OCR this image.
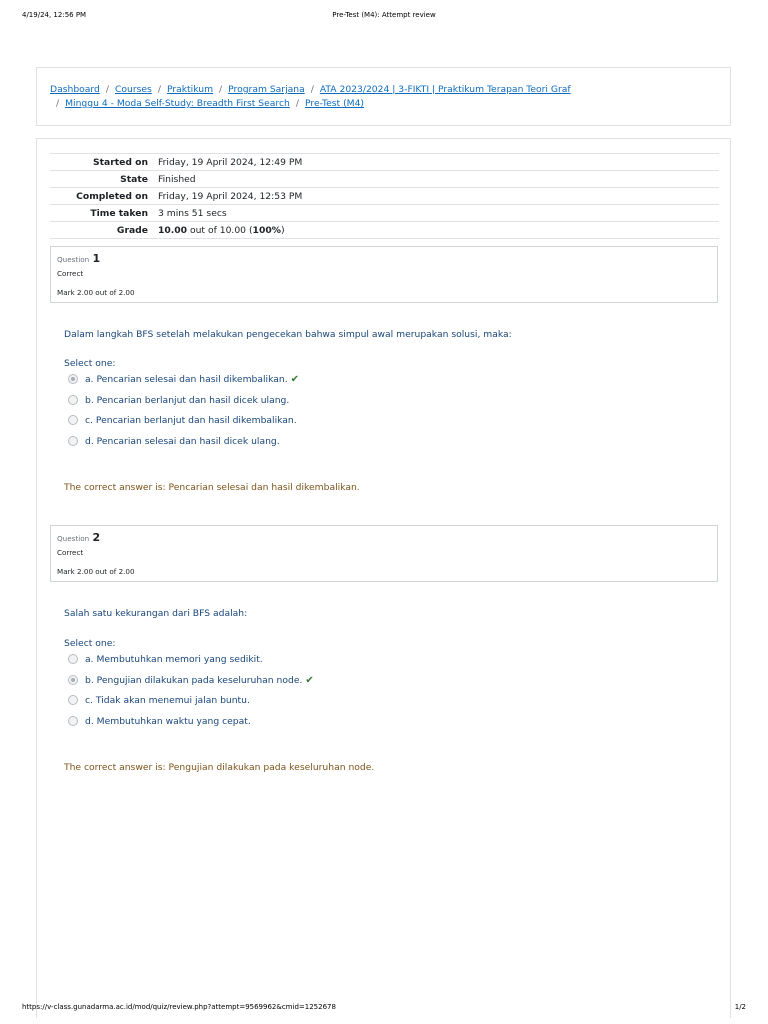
4/19/24, 12:56 PM	Pre-Test (M4): Attempt review
Dashboard / Courses / Praktikum / Program Sarjana / ATA 2023/2024 | 3-FIKTI | Praktikum Terapan Teori Graf
/ Minggu 4 - Moda Self-Study: Breadth First Search / Pre-Test (M4)
Started on	Friday, 19 April 2024, 12:49 PM
State	Finished
Completed on	Friday, 19 April 2024, 12:53 PM
Time taken	3 mins 51 secs
Grade	10.00 out of 10.00 (100%)
Question 1
Correct
Mark 2.00 out of 2.00
Dalam langkah BFS setelah melakukan pengecekan bahwa simpul awal merupakan solusi, maka:
Select one:
a. Pencarian selesai dan hasil dikembalikan. ✔
b. Pencarian berlanjut dan hasil dicek ulang.
c. Pencarian berlanjut dan hasil dikembalikan.
d. Pencarian selesai dan hasil dicek ulang.
The correct answer is: Pencarian selesai dan hasil dikembalikan.
Question 2
Correct
Mark 2.00 out of 2.00
Salah satu kekurangan dari BFS adalah:
Select one:
a. Membutuhkan memori yang sedikit.
b. Pengujian dilakukan pada keseluruhan node. ✔
c. Tidak akan menemui jalan buntu.
d. Membutuhkan waktu yang cepat.
The correct answer is: Pengujian dilakukan pada keseluruhan node.
https://v-class.gunadarma.ac.id/mod/quiz/review.php?attempt=9569962&cmid=1252678	1/2
